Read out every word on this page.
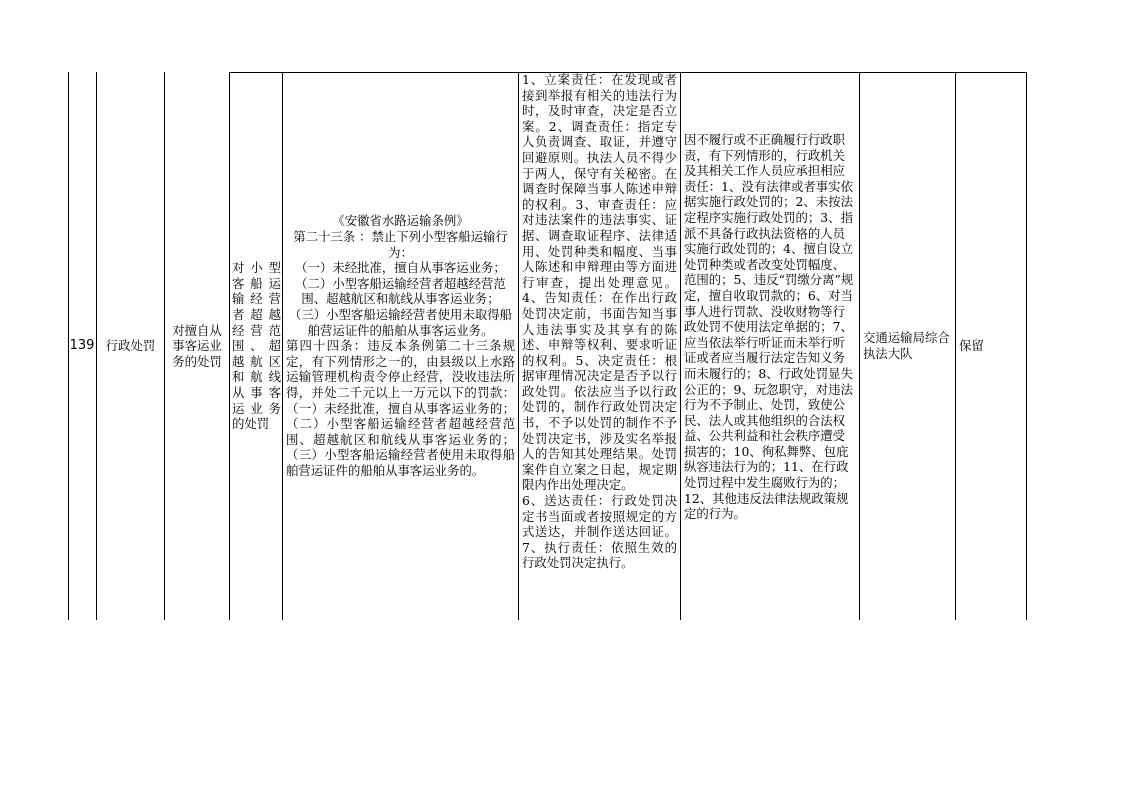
139 行政处罚
对擅自从事客运业务的处罚
对小型客船运输经营者超越经营范围、超越航区和航线从事客运业务的处罚
《安徽省水路运输条例》
第二十三条 ：禁止下列小型客船运输行为：
（一）未经批准，擅自从事客运业务；
（二）小型客船运输经营者超越经营范围、超越航区和航线从事客运业务；
（三）小型客船运输经营者使用未取得船舶营运证件的船舶从事客运业务。
第四十四条：违反本条例第二十三条规定，有下列情形之一的，由县级以上水路运输管理机构责令停止经营，没收违法所得，并处二千元以上一万元以下的罚款：（一）未经批准，擅自从事客运业务的；（二）小型客船运输经营者超越经营范围、超越航区和航线从事客运业务的；（三）小型客船运输经营者使用未取得船舶营运证件的船舶从事客运业务的。
1、立案责任：在发现或者接到举报有相关的违法行为时，及时审查，决定是否立案。2、调查责任：指定专人负责调查、取证，并遵守回避原则。执法人员不得少于两人，保守有关秘密。在调查时保障当事人陈述申辩的权利。3、审查责任：应对违法案件的违法事实、证据、调查取证程序、法律适用、处罚种类和幅度、当事人陈述和申辩理由等方面进行审查，提出处理意见。4、告知责任：在作出行政处罚决定前，书面告知当事人违法事实及其享有的陈述、申辩等权利、要求听证的权利。5、决定责任：根据审理情况决定是否予以行政处罚。依法应当予以行政处罚的，制作行政处罚决定书，不予以处罚的制作不予处罚决定书，涉及实名举报人的告知其处理结果。处罚案件自立案之日起，规定期限内作出处理决定。
6、送达责任：行政处罚决定书当面或者按照规定的方式送达，并制作送达回证。7、执行责任：依照生效的行政处罚决定执行。
因不履行或不正确履行行政职责，有下列情形的，行政机关及其相关工作人员应承担相应责任：1、没有法律或者事实依据实施行政处罚的；2、未按法定程序实施行政处罚的；3、指派不具备行政执法资格的人员实施行政处罚的；4、擅自设立处罚种类或者改变处罚幅度、范围的；5、违反“罚缴分离”规定，擅自收取罚款的；6、对当事人进行罚款、没收财物等行政处罚不使用法定单据的；7、应当依法举行听证而未举行听证或者应当履行法定告知义务而未履行的；8、行政处罚显失公正的；9、玩忽职守，对违法行为不予制止、处罚，致使公民、法人或其他组织的合法权益、公共利益和社会秩序遭受损害的；10、徇私舞弊、包庇纵容违法行为的；11、在行政处罚过程中发生腐败行为的；12、其他违反法律法规政策规定的行为。
交通运输局综合执法大队
保留
